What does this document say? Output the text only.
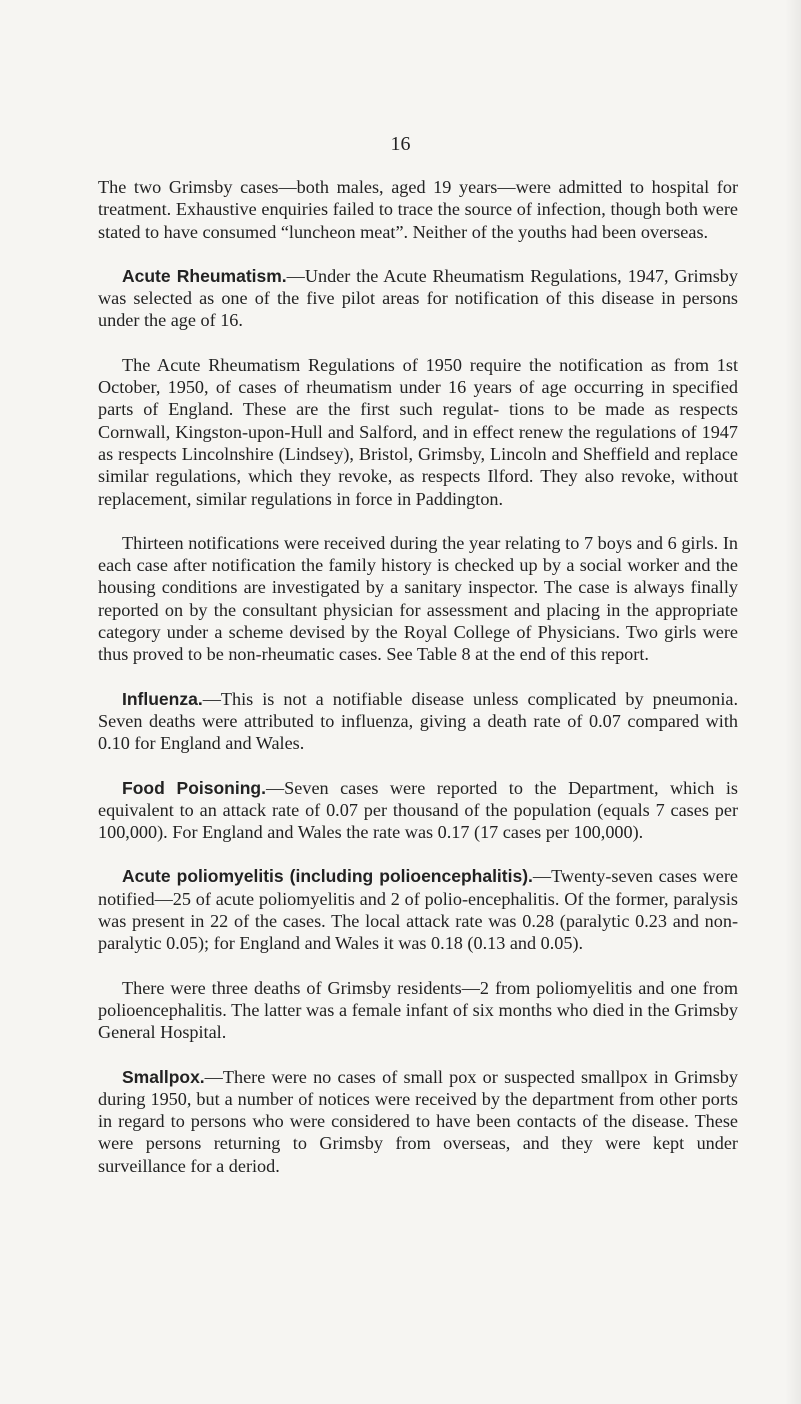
16

The two Grimsby cases—both males, aged 19 years—were admitted to hospital for treatment. Exhaustive enquiries failed to trace the source of infection, though both were stated to have consumed “luncheon meat”. Neither of the youths had been overseas.

Acute Rheumatism.—Under the Acute Rheumatism Regulations, 1947, Grimsby was selected as one of the five pilot areas for notification of this disease in persons under the age of 16.

The Acute Rheumatism Regulations of 1950 require the notification as from 1st October, 1950, of cases of rheumatism under 16 years of age occurring in specified parts of England. These are the first such regulat- tions to be made as respects Cornwall, Kingston-upon-Hull and Salford, and in effect renew the regulations of 1947 as respects Lincolnshire (Lindsey), Bristol, Grimsby, Lincoln and Sheffield and replace similar regulations, which they revoke, as respects Ilford. They also revoke, without replacement, similar regulations in force in Paddington.

Thirteen notifications were received during the year relating to 7 boys and 6 girls. In each case after notification the family history is checked up by a social worker and the housing conditions are investigated by a sanitary inspector. The case is always finally reported on by the consultant physician for assessment and placing in the appropriate category under a scheme devised by the Royal College of Physicians. Two girls were thus proved to be non-rheumatic cases. See Table 8 at the end of this report.

Influenza.—This is not a notifiable disease unless complicated by pneumonia. Seven deaths were attributed to influenza, giving a death rate of 0.07 compared with 0.10 for England and Wales.

Food Poisoning.—Seven cases were reported to the Department, which is equivalent to an attack rate of 0.07 per thousand of the population (equals 7 cases per 100,000). For England and Wales the rate was 0.17 (17 cases per 100,000).

Acute poliomyelitis (including polioencephalitis).—Twenty-seven cases were notified—25 of acute poliomyelitis and 2 of polio-encephalitis. Of the former, paralysis was present in 22 of the cases. The local attack rate was 0.28 (paralytic 0.23 and non-paralytic 0.05); for England and Wales it was 0.18 (0.13 and 0.05).

There were three deaths of Grimsby residents—2 from poliomyelitis and one from polioencephalitis. The latter was a female infant of six months who died in the Grimsby General Hospital.

Smallpox.—There were no cases of small pox or suspected smallpox in Grimsby during 1950, but a number of notices were received by the department from other ports in regard to persons who were considered to have been contacts of the disease. These were persons returning to Grimsby from overseas, and they were kept under surveillance for a deriod.
